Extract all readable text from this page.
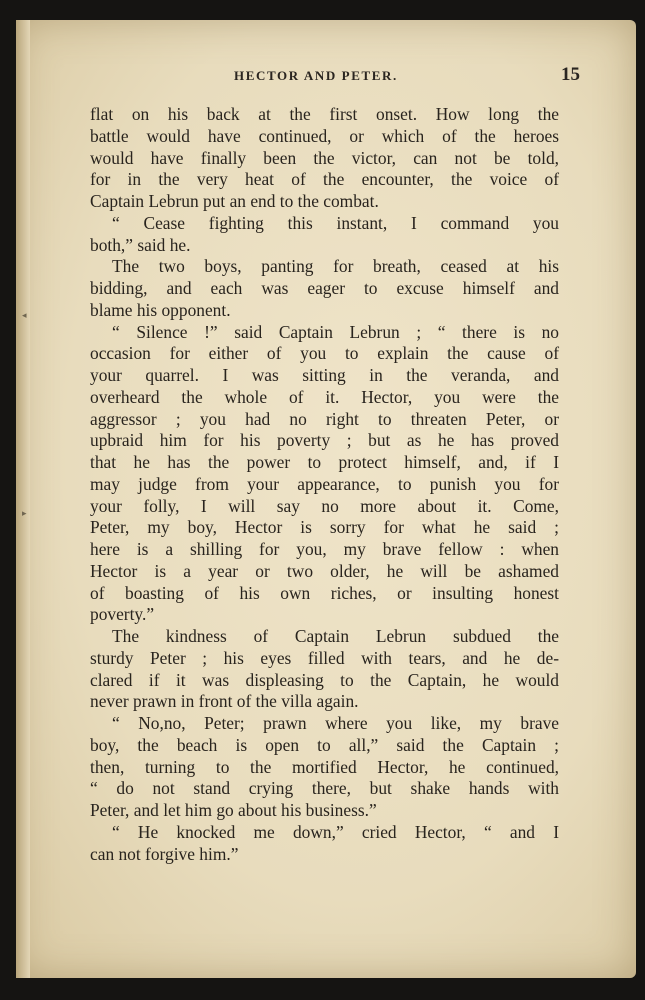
◂
▸
HECTOR AND PETER.	15
flat on his back at the first onset. How long the
battle would have continued, or which of the heroes
would have finally been the victor, can not be told,
for in the very heat of the encounter, the voice of
Captain Lebrun put an end to the combat.
“ Cease fighting this instant, I command you
both,” said he.
The two boys, panting for breath, ceased at his
bidding, and each was eager to excuse himself and
blame his opponent.
“ Silence !” said Captain Lebrun ; “ there is no
occasion for either of you to explain the cause of
your quarrel. I was sitting in the veranda, and
overheard the whole of it. Hector, you were the
aggressor ; you had no right to threaten Peter, or
upbraid him for his poverty ; but as he has proved
that he has the power to protect himself, and, if I
may judge from your appearance, to punish you for
your folly, I will say no more about it. Come,
Peter, my boy, Hector is sorry for what he said ;
here is a shilling for you, my brave fellow : when
Hector is a year or two older, he will be ashamed
of boasting of his own riches, or insulting honest
poverty.”
The kindness of Captain Lebrun subdued the
sturdy Peter ; his eyes filled with tears, and he de-
clared if it was displeasing to the Captain, he would
never prawn in front of the villa again.
“ No,no, Peter; prawn where you like, my brave
boy, the beach is open to all,” said the Captain ;
then, turning to the mortified Hector, he continued,
“ do not stand crying there, but shake hands with
Peter, and let him go about his business.”
“ He knocked me down,” cried Hector, “ and I
can not forgive him.”
